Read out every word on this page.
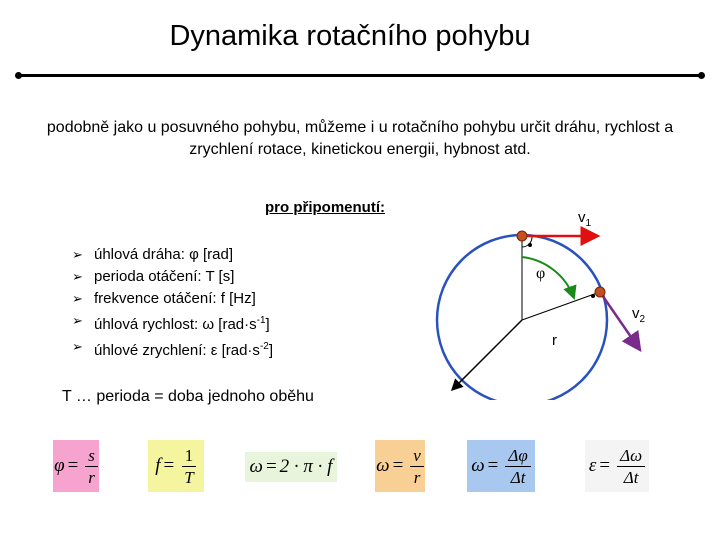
Dynamika rotačního pohybu
podobně jako u posuvného pohybu, můžeme i u rotačního pohybu určit dráhu, rychlost a zrychlení rotace, kinetickou energii, hybnost atd.
pro připomenutí:
➢ úhlová dráha: φ [rad]
➢ perioda otáčení: T [s]
➢ frekvence otáčení: f [Hz]
➢ úhlová rychlost: ω $[rad\cdot s^{-1}]$
➢ úhlové zrychlení: ε $[rad\cdot s^{-2}]$
T … perioda = doba jednoho oběhu
$v_1$
$v_2$
φ
r
$\varphi = \frac{s}{r}$	$f = \frac{1}{T}$	ω = 2 · π · f $\omega = \frac{v}{r}$ $\omega = \frac{\Delta\varphi}{\Delta t}$	$\varepsilon = \frac{\Delta\omega}{\Delta t}$
